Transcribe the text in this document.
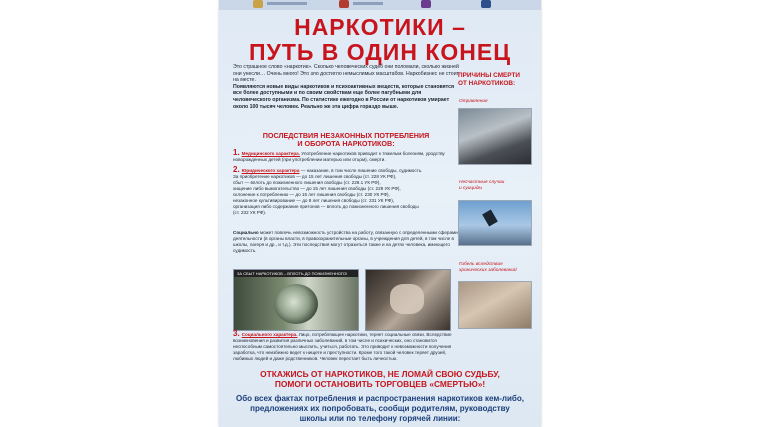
НАРКОТИКИ –
ПУТЬ В ОДИН КОНЕЦ

Это страшное слово «наркотик». Сколько человеческих судеб они поломали, сколько жизней они унесли… Очень много! Это зло достигло немыслимых масштабов. Наркобизнес не стоит на месте.

Появляются новые виды наркотиков и психоактивных веществ, которые становятся все более доступными и по своим свойствам еще более пагубными для человеческого организма. По статистике ежегодно в России от наркотиков умирает около 100 тысяч человек. Реально же эта цифра гораздо выше.

ПОСЛЕДСТВИЯ НЕЗАКОННЫХ ПОТРЕБЛЕНИЯ
И ОБОРОТА НАРКОТИКОВ:
1. Медицинского характера. Употребление наркотиков приводит к тяжелым болезням, уродству новорожденных детей (при употреблении матерью или отцом), смерти.
2. Юридического характера — наказание, в том числе лишение свободы, судимость.
За приобретение наркотиков — до 15 лет лишения свободы (ст. 228 УК РФ),
сбыт — вплоть до пожизненного лишения свободы (ст. 228.1 УК РФ),
хищение либо вымогательство — до 15 лет лишения свободы (ст. 229 УК РФ),
склонение к потреблению — до 15 лет лишения свободы (ст. 230 УК РФ),
незаконное культивирование — до 8 лет лишения свободы (ст. 231 УК РФ),
организация либо содержание притонов — вплоть до пожизненного лишения свободы
(ст. 232 УК РФ).
Социально может повлечь невозможность устройства на работу, связанную с определенными сферами деятельности (в органы власти, в правоохранительные органы, в учреждения для детей, в том числе в школы, лагеря и др., и т.д.). Эти последствия могут отразиться также и на детях человека, имеющего судимость.
ЗА СБЫТ НАРКОТИКОВ – ВПЛОТЬ ДО ПОЖИЗНЕННОГО!
ПРИЧИНЫ СМЕРТИ
ОТ НАРКОТИКОВ:
Отравление
Несчастные случаи
и суициды
Гибель вследствие
хронических заболеваний
3. Социального характера. Лицо, потребляющее наркотики, теряет социальные связи. Вследствие возникновения и развития различных заболеваний, в том числе и психических, оно становится неспособным самостоятельно мыслить, учиться, работать. Это приводит к невозможности получения заработка, что неизбежно ведет к нищете и преступности. Кроме того такой человек теряет друзей, любимых людей и даже родственников. Человек перестает быть личностью.
ОТКАЖИСЬ ОТ НАРКОТИКОВ, НЕ ЛОМАЙ СВОЮ СУДЬБУ,
ПОМОГИ ОСТАНОВИТЬ ТОРГОВЦЕВ «СМЕРТЬЮ»!
Обо всех фактах потребления и распространения наркотиков кем-либо,
предложениях их попробовать, сообщи родителям, руководству
школы или по телефону горячей линии:
